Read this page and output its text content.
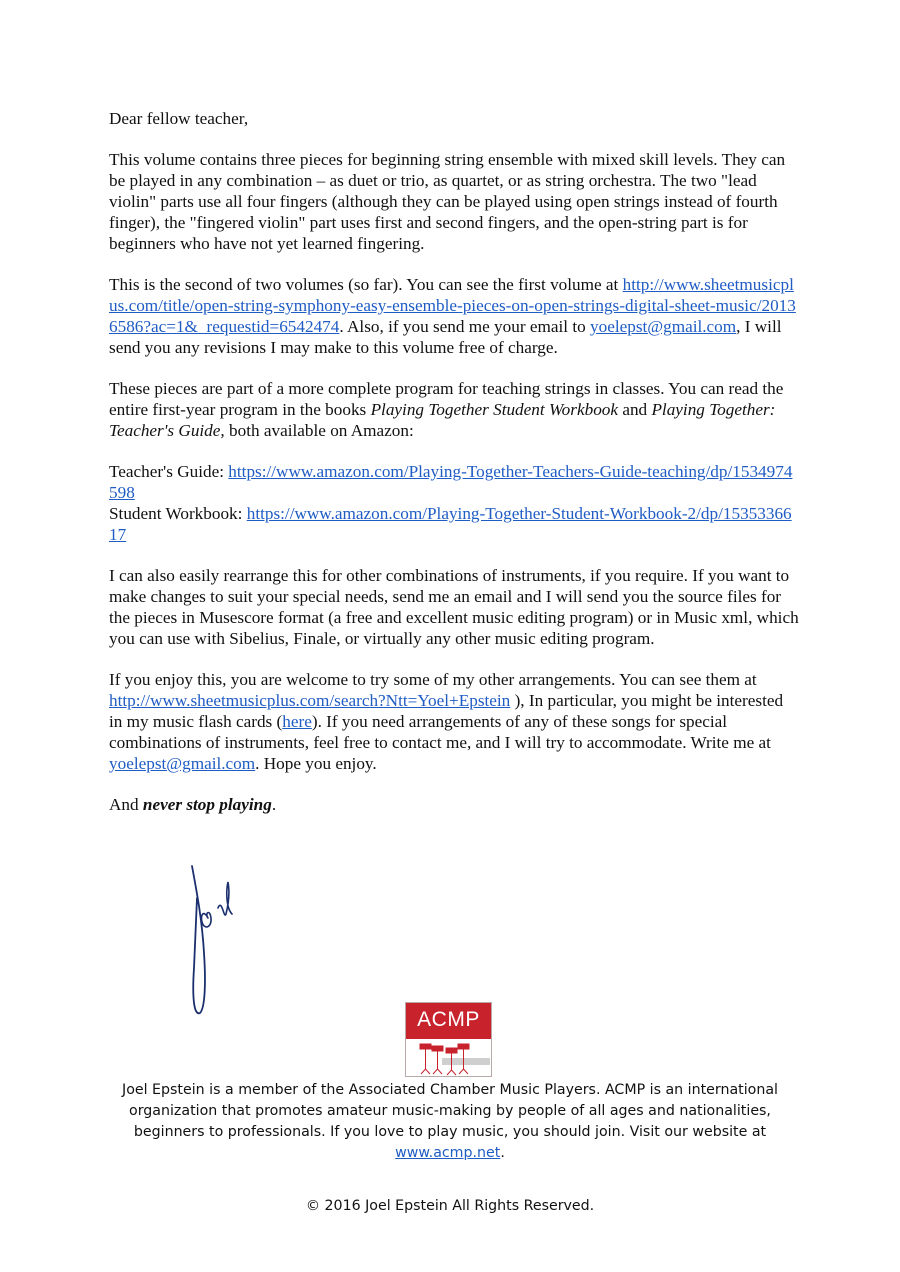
Dear fellow teacher,

This volume contains three pieces for beginning string ensemble with mixed skill levels. They can be played in any combination – as duet or trio, as quartet, or as string orchestra. The two "lead violin" parts use all four fingers (although they can be played using open strings instead of fourth finger), the "fingered violin" part uses first and second fingers, and the open-string part is for beginners who have not yet learned fingering.

This is the second of two volumes (so far). You can see the first volume at http://www.sheetmusicplus.com/title/open-string-symphony-easy-ensemble-pieces-on-open-strings-digital-sheet-music/20136586?ac=1&_requestid=6542474. Also, if you send me your email to yoelepst@gmail.com, I will send you any revisions I may make to this volume free of charge.

These pieces are part of a more complete program for teaching strings in classes. You can read the entire first-year program in the books Playing Together Student Workbook and Playing Together: Teacher's Guide, both available on Amazon:

Teacher's Guide: https://www.amazon.com/Playing-Together-Teachers-Guide-teaching/dp/1534974598
Student Workbook: https://www.amazon.com/Playing-Together-Student-Workbook-2/dp/1535336617

I can also easily rearrange this for other combinations of instruments, if you require. If you want to make changes to suit your special needs, send me an email and I will send you the source files for the pieces in Musescore format (a free and excellent music editing program) or in Music xml, which you can use with Sibelius, Finale, or virtually any other music editing program.

If you enjoy this, you are welcome to try some of my other arrangements. You can see them at http://www.sheetmusicplus.com/search?Ntt=Yoel+Epstein ), In particular, you might be interested in my music flash cards (here). If you need arrangements of any of these songs for special combinations of instruments, feel free to contact me, and I will try to accommodate. Write me at yoelepst@gmail.com. Hope you enjoy.

And never stop playing.

ACMP

Joel Epstein is a member of the Associated Chamber Music Players. ACMP is an international organization that promotes amateur music-making by people of all ages and nationalities, beginners to professionals. If you love to play music, you should join. Visit our website at www.acmp.net.

© 2016 Joel Epstein All Rights Reserved.
